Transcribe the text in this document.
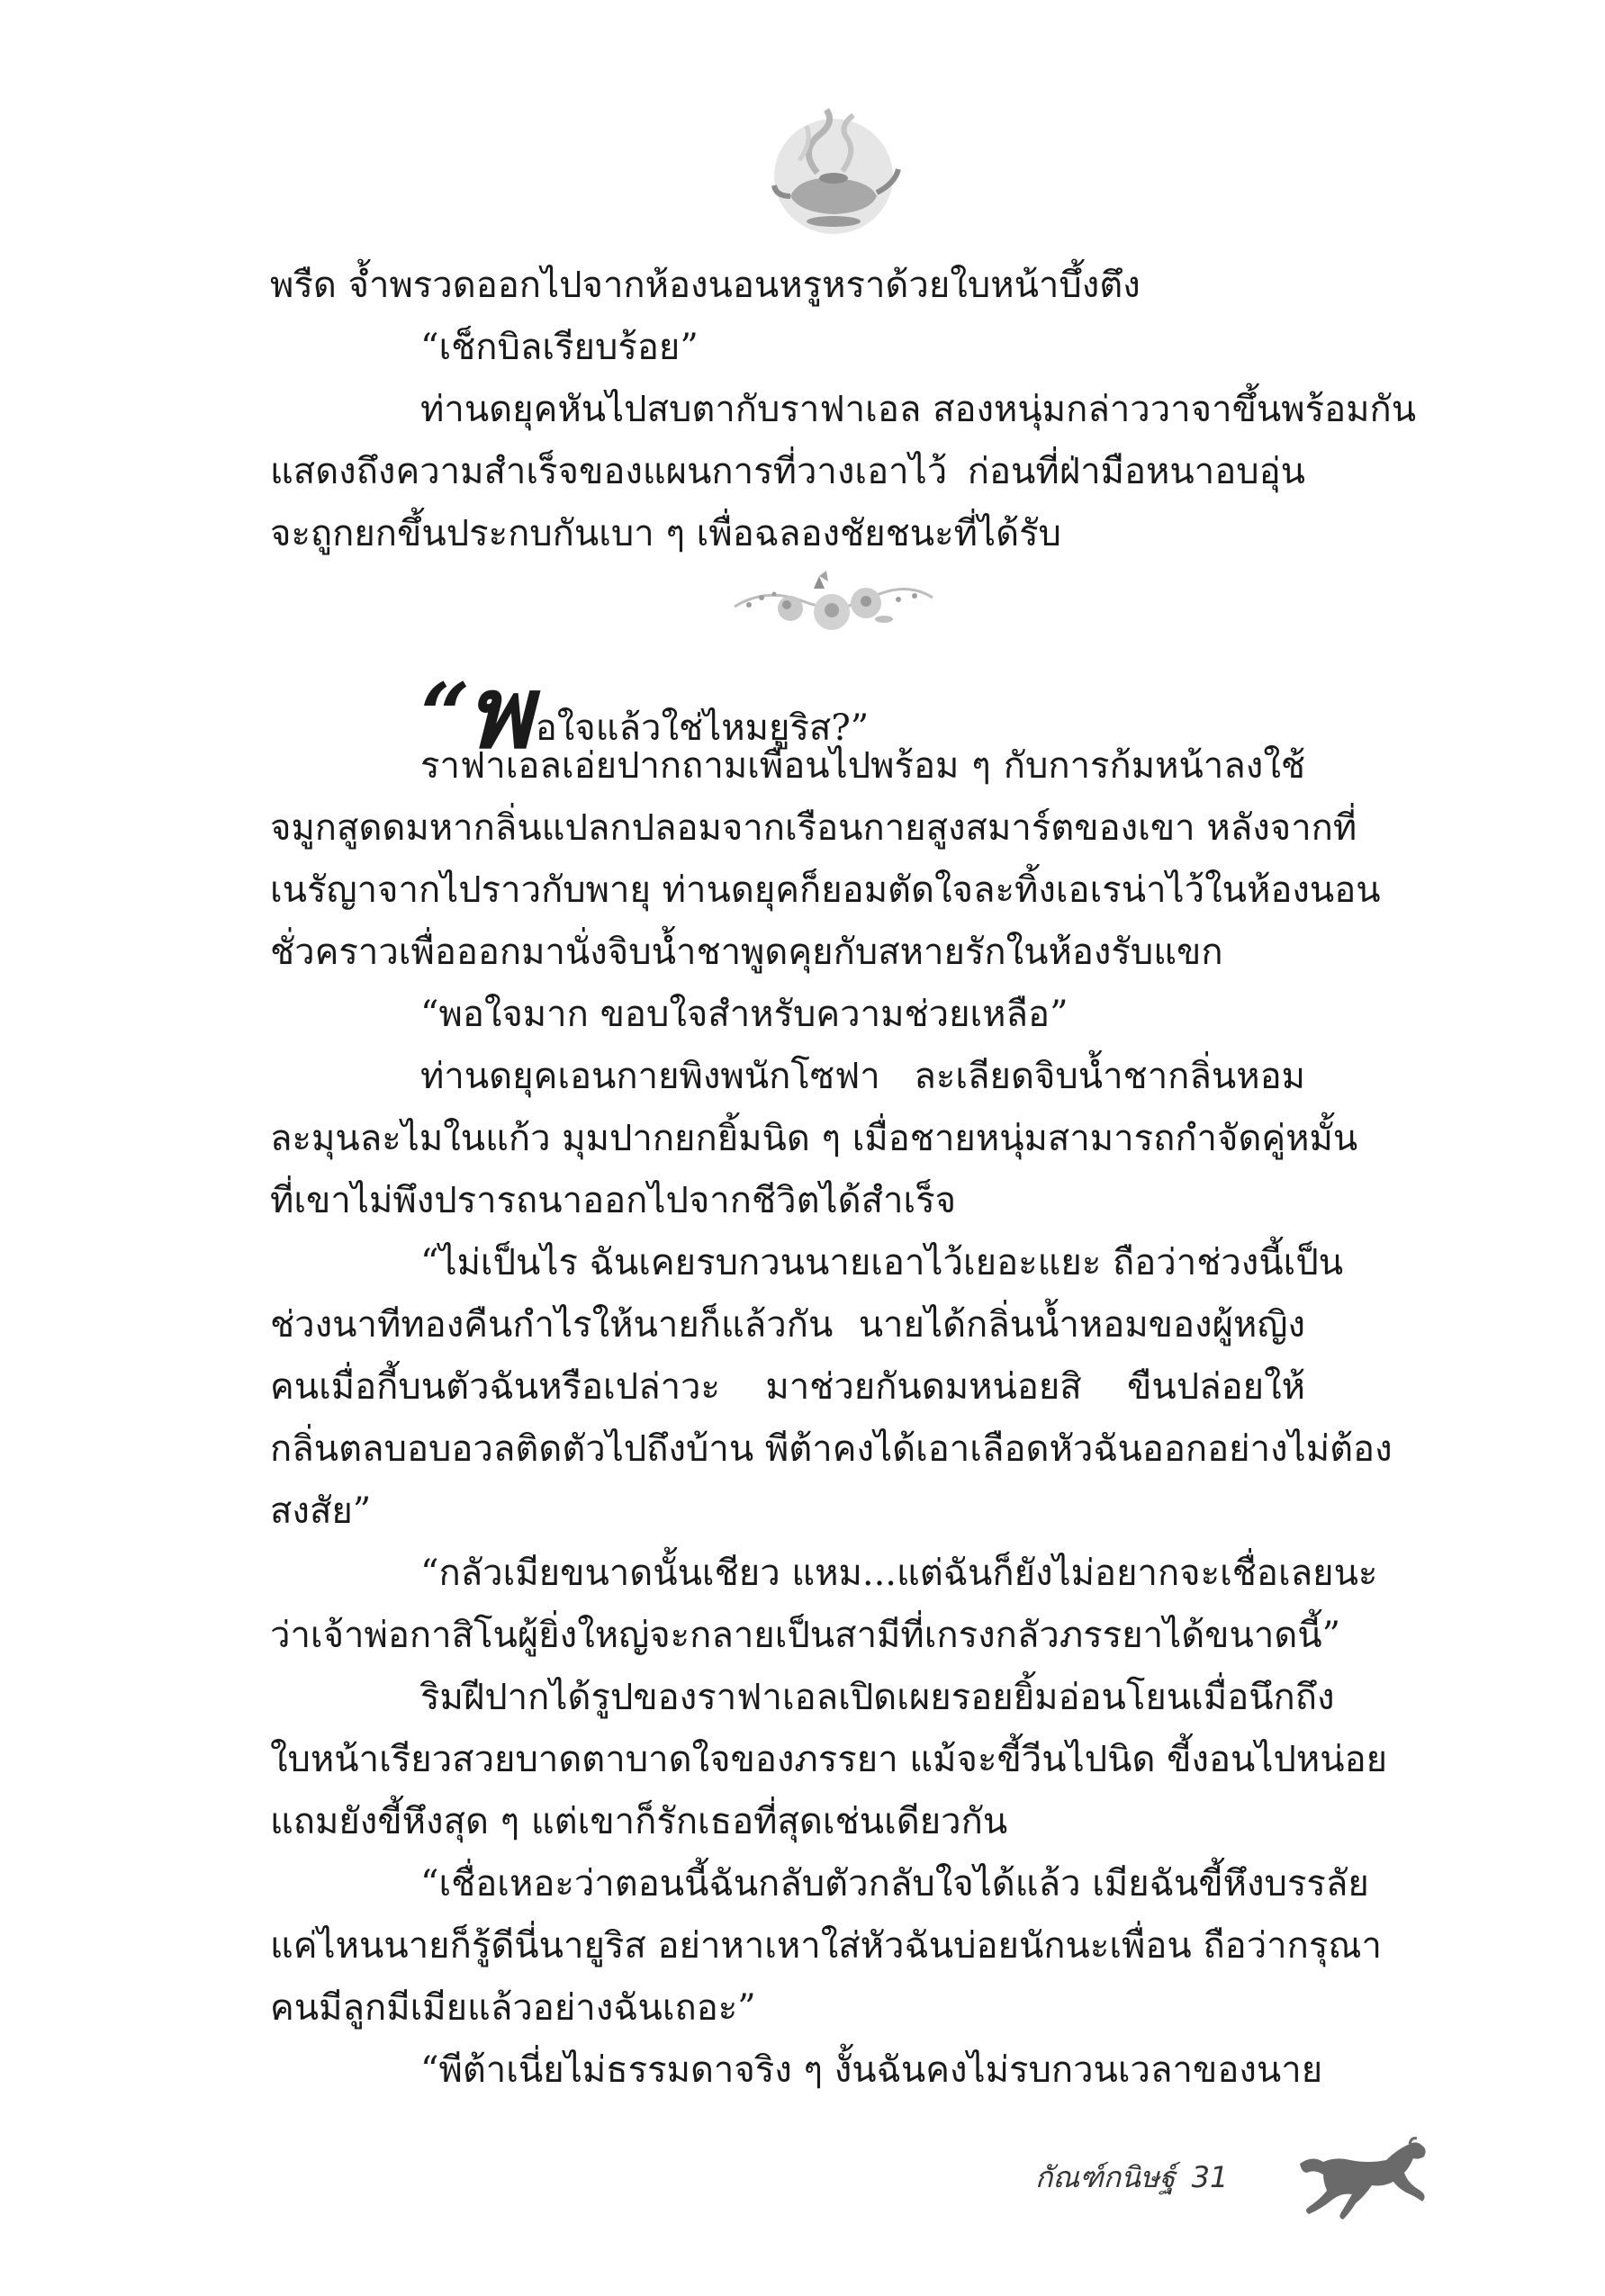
พรืด จ้ำพรวดออกไปจากห้องนอนหรูหราด้วยใบหน้าบึ้งตึง
“เช็กบิลเรียบร้อย”
ท่านดยุคหันไปสบตากับราฟาเอล สองหนุ่มกล่าววาจาขึ้นพร้อมกัน
แสดงถึงความสำเร็จของแผนการที่วางเอาไว้ ก่อนที่ฝ่ามือหนาอบอุ่น
จะถูกยกขึ้นประกบกันเบา ๆ เพื่อฉลองชัยชนะที่ได้รับ
“พ อใจแล้วใช่ไหมยูริส?”
ราฟาเอลเอ่ยปากถามเพื่อนไปพร้อม ๆ กับการก้มหน้าลงใช้
จมูกสูดดมหากลิ่นแปลกปลอมจากเรือนกายสูงสมาร์ตของเขา หลังจากที่
เนรัญาจากไปราวกับพายุ ท่านดยุคก็ยอมตัดใจละทิ้งเอเรน่าไว้ในห้องนอน
ชั่วคราวเพื่อออกมานั่งจิบน้ำชาพูดคุยกับสหายรักในห้องรับแขก
“พอใจมาก ขอบใจสำหรับความช่วยเหลือ”
ท่านดยุคเอนกายพิงพนักโซฟา ละเลียดจิบน้ำชากลิ่นหอม
ละมุนละไมในแก้ว มุมปากยกยิ้มนิด ๆ เมื่อชายหนุ่มสามารถกำจัดคู่หมั้น
ที่เขาไม่พึงปรารถนาออกไปจากชีวิตได้สำเร็จ
“ไม่เป็นไร ฉันเคยรบกวนนายเอาไว้เยอะแยะ ถือว่าช่วงนี้เป็น
ช่วงนาทีทองคืนกำไรให้นายก็แล้วกัน นายได้กลิ่นน้ำหอมของผู้หญิง
คนเมื่อกี้บนตัวฉันหรือเปล่าวะ มาช่วยกันดมหน่อยสิ ขืนปล่อยให้
กลิ่นตลบอบอวลติดตัวไปถึงบ้าน พีต้าคงได้เอาเลือดหัวฉันออกอย่างไม่ต้อง
สงสัย”
“กลัวเมียขนาดนั้นเชียว แหม...แต่ฉันก็ยังไม่อยากจะเชื่อเลยนะ
ว่าเจ้าพ่อกาสิโนผู้ยิ่งใหญ่จะกลายเป็นสามีที่เกรงกลัวภรรยาได้ขนาดนี้”
ริมฝีปากได้รูปของราฟาเอลเปิดเผยรอยยิ้มอ่อนโยนเมื่อนึกถึง
ใบหน้าเรียวสวยบาดตาบาดใจของภรรยา แม้จะขี้วีนไปนิด ขี้งอนไปหน่อย
แถมยังขี้หึงสุด ๆ แต่เขาก็รักเธอที่สุดเช่นเดียวกัน
“เชื่อเหอะว่าตอนนี้ฉันกลับตัวกลับใจได้แล้ว เมียฉันขี้หึงบรรลัย
แค่ไหนนายก็รู้ดีนี่นายูริส อย่าหาเหาใส่หัวฉันบ่อยนักนะเพื่อน ถือว่ากรุณา
คนมีลูกมีเมียแล้วอย่างฉันเถอะ”
“พีต้าเนี่ยไม่ธรรมดาจริง ๆ งั้นฉันคงไม่รบกวนเวลาของนาย
กัณฑ์กนิษฐ์ 31
